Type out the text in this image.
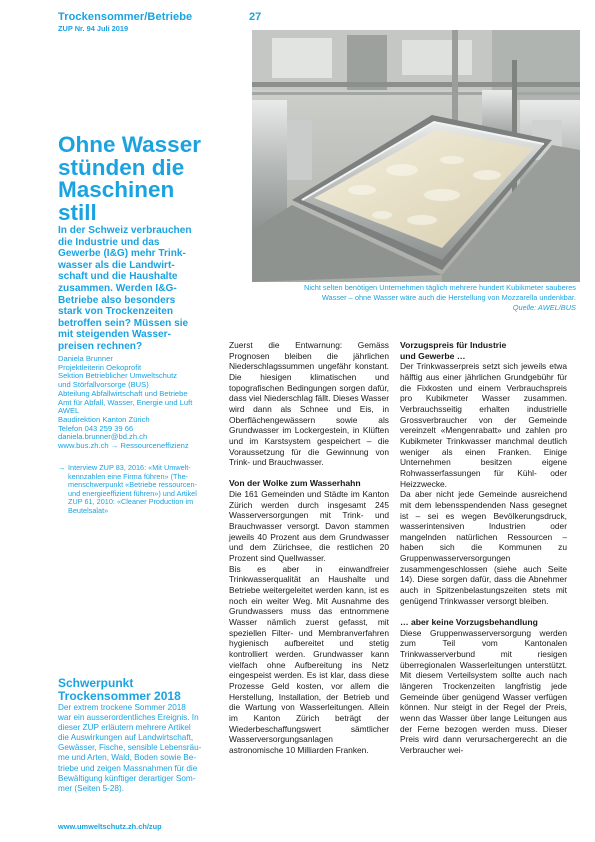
Trockensommer/Betriebe
ZUP Nr. 94 Juli 2019
27
Nicht selten benötigen Unternehmen täglich mehrere hundert Kubikmeter sauberes
Wasser – ohne Wasser wäre auch die Herstellung von Mozzarella undenkbar.
Quelle: AWEL/BUS
Ohne Wasser
stünden die
Maschinen
still
In der Schweiz verbrauchen
die Industrie und das
Gewerbe (I&G) mehr Trink-
wasser als die Landwirt-
schaft und die Haushalte
zusammen. Werden I&G-
Betriebe also besonders
stark von Trockenzeiten
betroffen sein? Müssen sie
mit steigenden Wasser-
preisen rechnen?
Daniela Brunner
Projektleiterin Oekoprofit
Sektion Betrieblicher Umweltschutz
und Störfallvorsorge (BUS)
Abteilung Abfallwirtschaft und Betriebe
Amt für Abfall, Wasser, Energie und Luft
AWEL
Baudirektion Kanton Zürich
Telefon 043 259 39 66
daniela.brunner@bd.zh.ch
www.bus.zh.ch → Ressourceneffizienz
→ Interview ZUP 83, 2016: «Mit Umwelt-
kennzahlen eine Firma führen» (The-
menschwerpunkt «Betriebe ressourcen-
und energieeffizient führen») und Artikel
ZUP 61, 2010: «Cleaner Production im
Beutelsalat»
Schwerpunkt
Trockensommer 2018
Der extrem trockene Sommer 2018
war ein ausserordentliches Ereignis. In
dieser ZUP erläutern mehrere Artikel
die Auswirkungen auf Landwirtschaft,
Gewässer, Fische, sensible Lebensräu-
me und Arten, Wald, Boden sowie Be-
triebe und zeigen Massnahmen für die
Bewältigung künftiger derartiger Som-
mer (Seiten 5-28).

Zuerst die Entwarnung: Gemäss Prognosen bleiben die jährlichen Niederschlagssummen ungefähr konstant. Die hiesigen klimatischen und topografischen Bedingungen sorgen dafür, dass viel Niederschlag fällt. Dieses Wasser wird dann als Schnee und Eis, in Oberflächengewässern sowie als Grundwasser im Lockergestein, in Klüften und im Karstsystem gespeichert – die Voraussetzung für die Gewinnung von Trink- und Brauchwasser.

Von der Wolke zum Wasserhahn

Die 161 Gemeinden und Städte im Kanton Zürich werden durch insgesamt 245 Wasserversorgungen mit Trink- und Brauchwasser versorgt. Davon stammen jeweils 40 Prozent aus dem Grundwasser und dem Zürichsee, die restlichen 20 Prozent sind Quellwasser.

Bis es aber in einwandfreier Trinkwasserqualität an Haushalte und Betriebe weitergeleitet werden kann, ist es noch ein weiter Weg. Mit Ausnahme des Grundwassers muss das entnommene Wasser nämlich zuerst gefasst, mit speziellen Filter- und Membranverfahren hygienisch aufbereitet und stetig kontrolliert werden. Grundwasser kann vielfach ohne Aufbereitung ins Netz eingespeist werden. Es ist klar, dass diese Prozesse Geld kosten, vor allem die Herstellung, Installation, der Betrieb und die Wartung von Wasserleitungen. Allein im Kanton Zürich beträgt der Wiederbeschaffungswert sämtlicher Wasserversorgungsanlagen astronomische 10 Milliarden Franken.

Vorzugspreis für Industrie
und Gewerbe …

Der Trinkwasserpreis setzt sich jeweils etwa hälftig aus einer jährlichen Grundgebühr für die Fixkosten und einem Verbrauchspreis pro Kubikmeter Wasser zusammen. Verbrauchsseitig erhalten industrielle Grossverbraucher von der Gemeinde vereinzelt «Mengenrabatt» und zahlen pro Kubikmeter Trinkwasser manchmal deutlich weniger als einen Franken. Einige Unternehmen besitzen eigene Rohwasserfassungen für Kühl- oder Heizzwecke.

Da aber nicht jede Gemeinde ausreichend mit dem lebensspendenden Nass gesegnet ist – sei es wegen Bevölkerungsdruck, wasserintensiven Industrien oder mangelnden natürlichen Ressourcen – haben sich die Kommunen zu Gruppenwasserversorgungen zusammengeschlossen (siehe auch Seite 14). Diese sorgen dafür, dass die Abnehmer auch in Spitzenbelastungszeiten stets mit genügend Trinkwasser versorgt bleiben.

… aber keine Vorzugsbehandlung

Diese Gruppenwasserversorgung werden zum Teil vom Kantonalen Trinkwasserverbund mit riesigen überregionalen Wasserleitungen unterstützt. Mit diesem Verteilsystem sollte auch nach längeren Trockenzeiten langfristig jede Gemeinde über genügend Wasser verfügen können. Nur steigt in der Regel der Preis, wenn das Wasser über lange Leitungen aus der Ferne bezogen werden muss. Dieser Preis wird dann verursachergerecht an die Verbraucher wei-

www.umweltschutz.zh.ch/zup
